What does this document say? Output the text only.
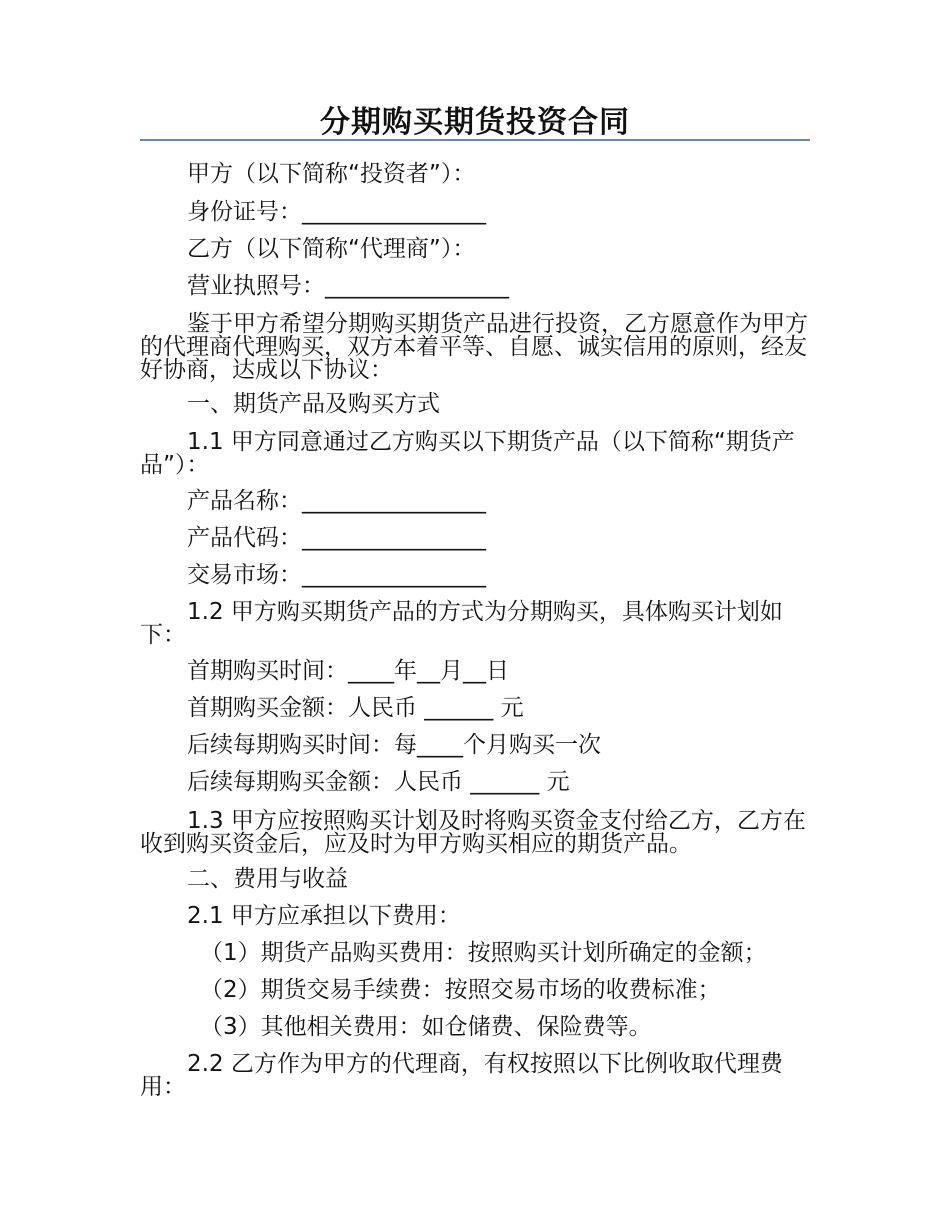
分期购买期货投资合同
甲方（以下简称“投资者”）：
身份证号：________________
乙方（以下简称“代理商”）：
营业执照号：________________
鉴于甲方希望分期购买期货产品进行投资，乙方愿意作为甲方的代理商代理购买，双方本着平等、自愿、诚实信用的原则，经友好协商，达成以下协议：
一、期货产品及购买方式
1.1 甲方同意通过乙方购买以下期货产品（以下简称“期货产品”）：
产品名称：________________
产品代码：________________
交易市场：________________
1.2 甲方购买期货产品的方式为分期购买，具体购买计划如下：
首期购买时间：____年__月__日
首期购买金额：人民币 ______ 元
后续每期购买时间：每____个月购买一次
后续每期购买金额：人民币 ______ 元
1.3 甲方应按照购买计划及时将购买资金支付给乙方，乙方在收到购买资金后，应及时为甲方购买相应的期货产品。
二、费用与收益
2.1 甲方应承担以下费用：
（1）期货产品购买费用：按照购买计划所确定的金额；
（2）期货交易手续费：按照交易市场的收费标准；
（3）其他相关费用：如仓储费、保险费等。
2.2 乙方作为甲方的代理商，有权按照以下比例收取代理费用：
